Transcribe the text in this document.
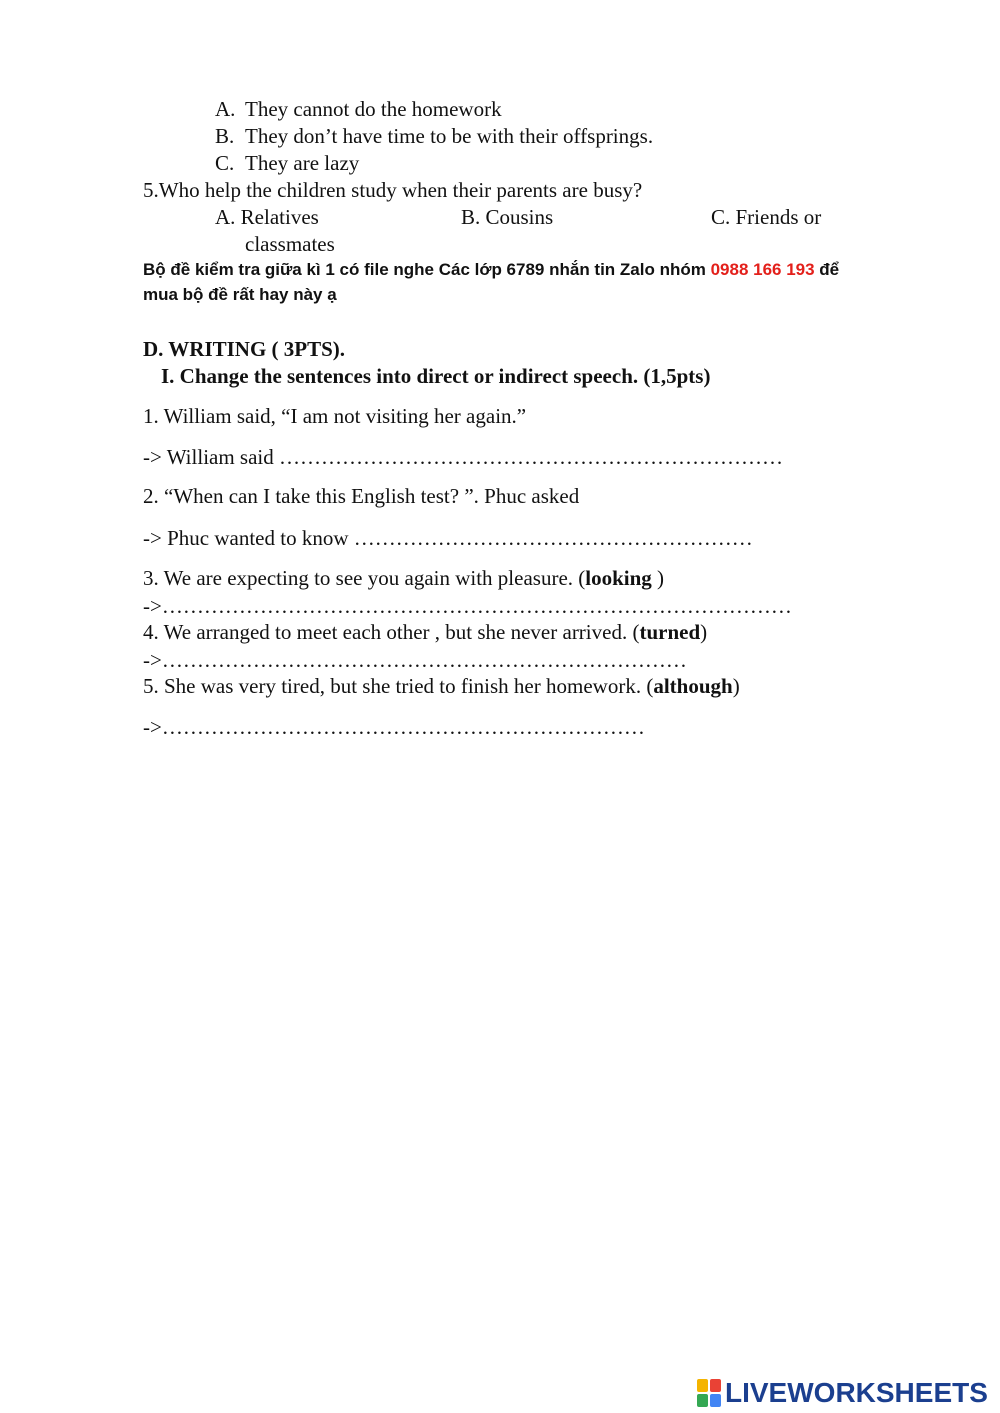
A. They cannot do the homework
B. They don’t have time to be with their offsprings.
C. They are lazy
5.Who help the children study when their parents are busy?
A. Relatives	B. Cousins	C. Friends or
classmates
Bộ đề kiểm tra giữa kì 1 có file nghe Các lớp 6789 nhắn tin Zalo nhóm 0988 166 193 để
mua bộ đề rất hay này ạ
D. WRITING ( 3PTS).
I. Change the sentences into direct or indirect speech. (1,5pts)
1. William said, “I am not visiting her again.”
-> William said ………………………………………………………………
2. “When can I take this English test? ”. Phuc asked
-> Phuc wanted to know …………………………………………………
3. We are expecting to see you again with pleasure. (looking )
->………………………………………………………………………………
4. We arranged to meet each other , but she never arrived. (turned)
->…………………………………………………………………
5. She was very tired, but she tried to finish her homework. (although)
->……………………………………………………………
LIVEWORKSHEETS
